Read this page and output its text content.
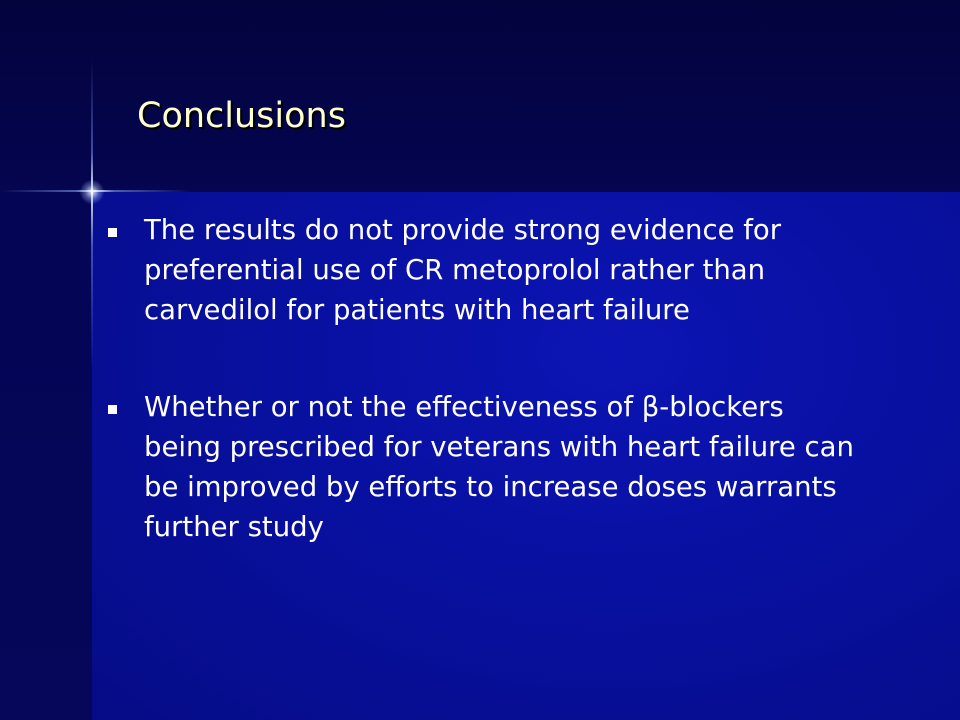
Conclusions
The results do not provide strong evidence for preferential use of CR metoprolol rather than carvedilol for patients with heart failure
Whether or not the effectiveness of β-blockers being prescribed for veterans with heart failure can be improved by efforts to increase doses warrants further study
